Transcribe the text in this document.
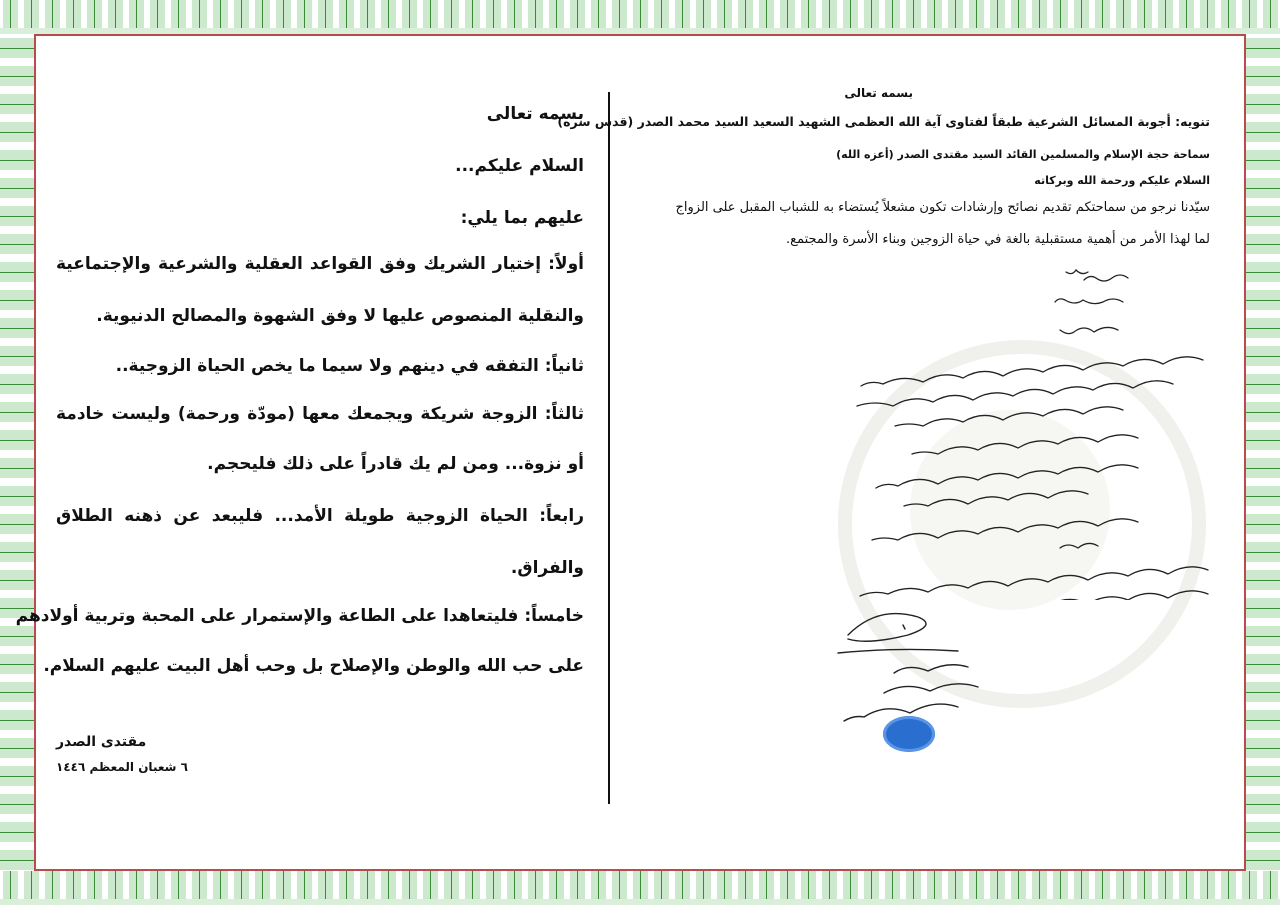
بسمه تعالى
تنويه: أجوبة المسائل الشرعية طبقاً لفتاوى آية الله العظمى الشهيد السعيد السيد محمد الصدر (قدس سره)
سماحة حجة الإسلام والمسلمين القائد السيد مقتدى الصدر (أعزه الله)
السلام عليكم ورحمة الله وبركاته
سيّدنا نرجو من سماحتكم تقديم نصائح وإرشادات تكون مشعلاً يُستضاء به للشباب المقبل على الزواج
لما لهذا الأمر من أهمية مستقبلية بالغة في حياة الزوجين وبناء الأسرة والمجتمع.
بسمه تعالى
السلام عليكم...
عليهم بما يلي:
أولاً: إختيار الشريك وفق القواعد العقلية والشرعية والإجتماعية
والنقلية المنصوص عليها لا وفق الشهوة والمصالح الدنيوية.
ثانياً: التفقه في دينهم ولا سيما ما يخص الحياة الزوجية..
ثالثاً: الزوجة شريكة ويجمعك معها (مودّة ورحمة) وليست خادمة
أو نزوة... ومن لم يك قادراً على ذلك فليحجم.
رابعاً: الحياة الزوجية طويلة الأمد... فليبعد عن ذهنه الطلاق
والفراق.
خامساً: فليتعاهدا على الطاعة والإستمرار على المحبة وتربية أولادهم
على حب الله والوطن والإصلاح بل وحب أهل البيت عليهم السلام.
مقتدى الصدر
٦ شعبان المعظم ١٤٤٦
